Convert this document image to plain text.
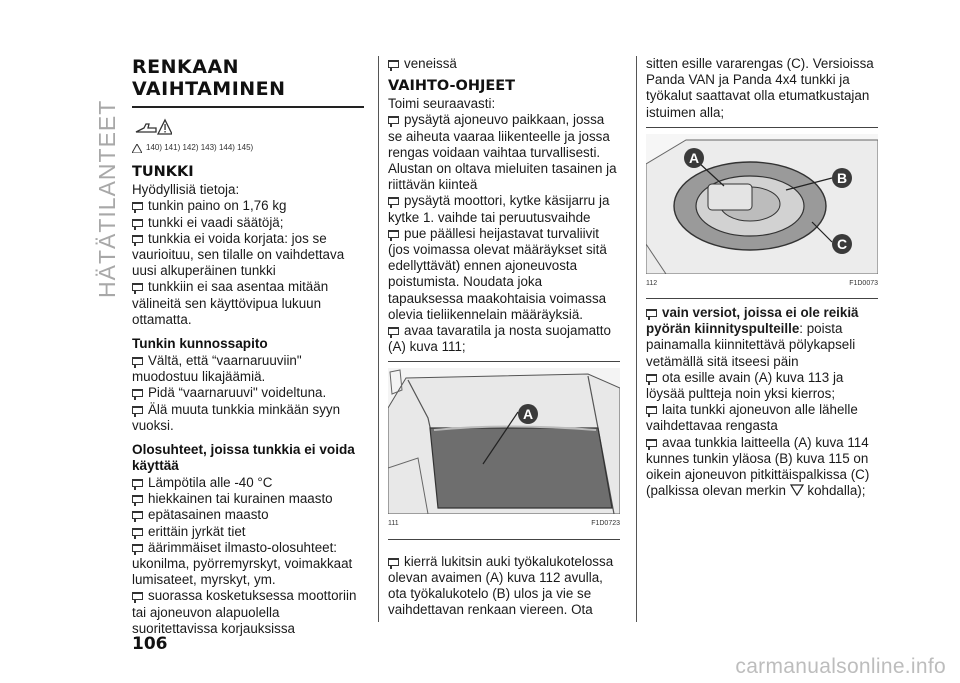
HÄTÄTILANTEET
RENKAAN
VAIHTAMINEN
140) 141) 142) 143) 144) 145)
TUNKKI

Hyödyllisiä tietoja:

tunkin paino on 1,76 kg

tunkki ei vaadi säätöjä;

tunkkia ei voida korjata: jos se vaurioituu, sen tilalle on vaihdettava uusi alkuperäinen tunkki

tunkkiin ei saa asentaa mitään välineitä sen käyttövipua lukuun ottamatta.

Tunkin kunnossapito

Vältä, että “vaarnaruuviin" muodostuu likajäämiä.

Pidä “vaarnaruuvi" voideltuna.

Älä muuta tunkkia minkään syyn vuoksi.

Olosuhteet, joissa tunkkia ei voida käyttää

Lämpötila alle -40 °C

hiekkainen tai kurainen maasto

epätasainen maasto

erittäin jyrkät tiet

äärimmäiset ilmasto-olosuhteet: ukonilma, pyörremyrskyt, voimakkaat lumisateet, myrskyt, ym.

suorassa kosketuksessa moottoriin tai ajoneuvon alapuolella suoritettavissa korjauksissa

veneissä

VAIHTO-OHJEET

Toimi seuraavasti:

pysäytä ajoneuvo paikkaan, jossa se aiheuta vaaraa liikenteelle ja jossa rengas voidaan vaihtaa turvallisesti. Alustan on oltava mieluiten tasainen ja riittävän kiinteä

pysäytä moottori, kytke käsijarru ja kytke 1. vaihde tai peruutusvaihde

pue päällesi heijastavat turvaliivit (jos voimassa olevat määräykset sitä edellyttävät) ennen ajoneuvosta poistumista. Noudata joka tapauksessa maakohtaisia voimassa olevia tieliikennelain määräyksiä.

avaa tavaratila ja nosta suojamatto (A) kuva 111;

A
111	F1D0723

kierrä lukitsin auki työkalukotelossa olevan avaimen (A) kuva 112 avulla, ota työkalukotelo (B) ulos ja vie se vaihdettavan renkaan viereen. Ota

sitten esille vararengas (C). Versioissa Panda VAN ja Panda 4x4 tunkki ja työkalut saattavat olla etumatkustajan istuimen alla;

A
B
C
112	F1D0073

vain versiot, joissa ei ole reikiä pyörän kiinnityspulteille: poista painamalla kiinnitettävä pölykapseli vetämällä sitä itseesi päin

ota esille avain (A) kuva 113 ja löysää pultteja noin yksi kierros;

laita tunkki ajoneuvon alle lähelle vaihdettavaa rengasta

avaa tunkkia laitteella (A) kuva 114 kunnes tunkin yläosa (B) kuva 115 on oikein ajoneuvon pitkittäispalkissa (C) (palkissa olevan merkin kohdalla);

106
carmanualsonline.info
